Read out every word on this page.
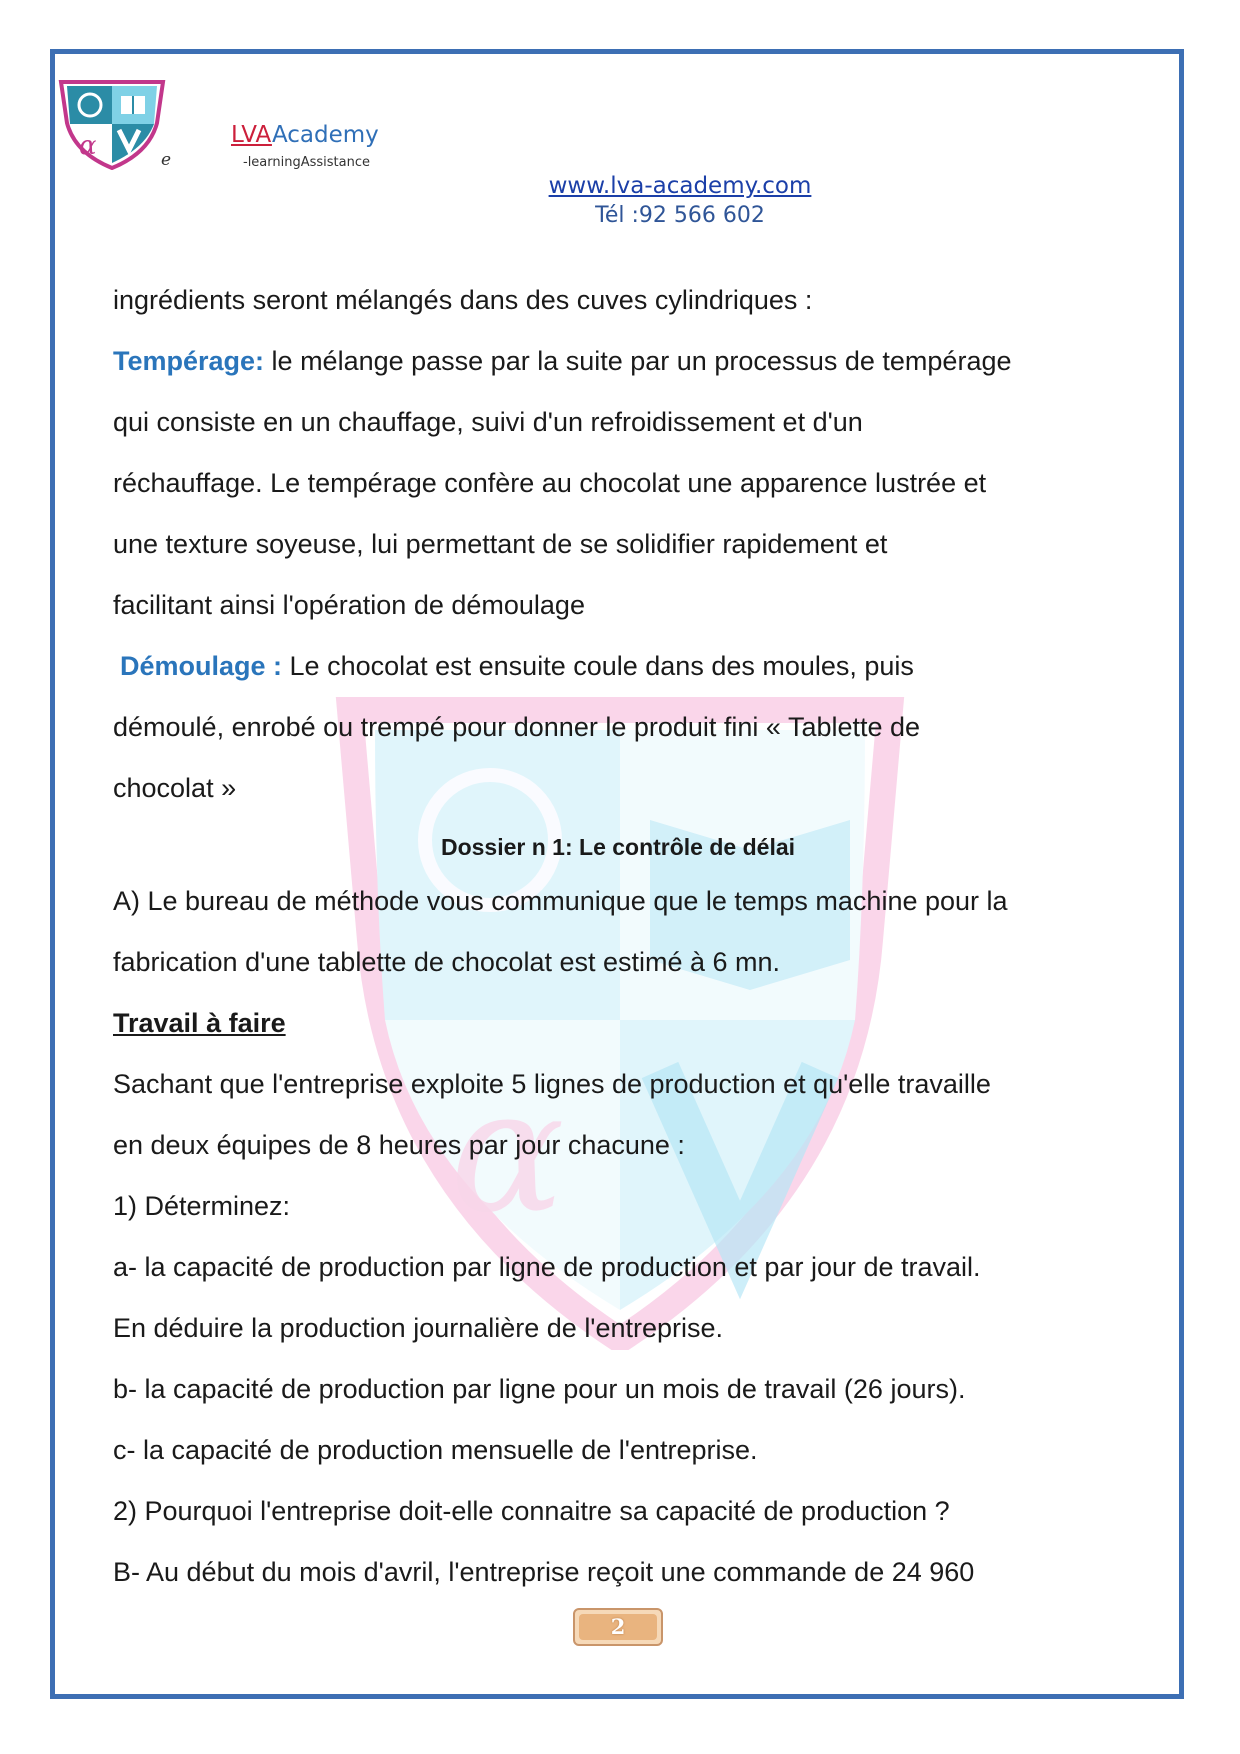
α
α	e
LVAAcademy
-learningAssistance
www.lva-academy.com
Tél :92 566 602
ingrédients seront mélangés dans des cuves cylindriques :
Tempérage: le mélange passe par la suite par un processus de tempérage
qui consiste en un chauffage, suivi d'un refroidissement et d'un
réchauffage. Le tempérage confère au chocolat une apparence lustrée et
une texture soyeuse, lui permettant de se solidifier rapidement et
facilitant ainsi l'opération de démoulage
Démoulage : Le chocolat est ensuite coule dans des moules, puis
démoulé, enrobé ou trempé pour donner le produit fini « Tablette de
chocolat »
Dossier n 1: Le contrôle de délai
A) Le bureau de méthode vous communique que le temps machine pour la
fabrication d'une tablette de chocolat est estimé à 6 mn.
Travail à faire
Sachant que l'entreprise exploite 5 lignes de production et qu'elle travaille
en deux équipes de 8 heures par jour chacune :
1) Déterminez:
a- la capacité de production par ligne de production et par jour de travail.
En déduire la production journalière de l'entreprise.
b- la capacité de production par ligne pour un mois de travail (26 jours).
c- la capacité de production mensuelle de l'entreprise.
2) Pourquoi l'entreprise doit-elle connaitre sa capacité de production ?
B- Au début du mois d'avril, l'entreprise reçoit une commande de 24 960
2
